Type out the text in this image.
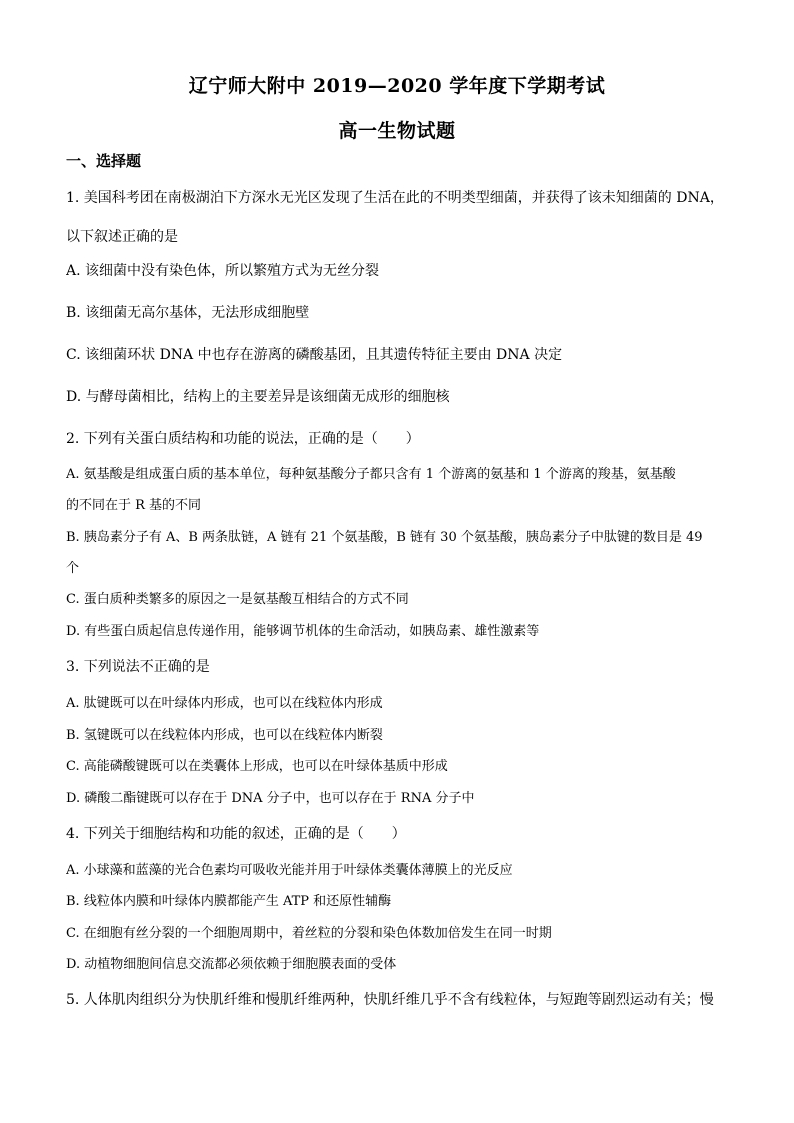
辽宁师大附中 2019—2020 学年度下学期考试
高一生物试题
一、选择题
1. 美国科考团在南极湖泊下方深水无光区发现了生活在此的不明类型细菌，并获得了该未知细菌的 DNA，
以下叙述正确的是
A. 该细菌中没有染色体，所以繁殖方式为无丝分裂
B. 该细菌无高尔基体，无法形成细胞壁
C. 该细菌环状 DNA 中也存在游离的磷酸基团，且其遗传特征主要由 DNA 决定
D. 与酵母菌相比，结构上的主要差异是该细菌无成形的细胞核
2. 下列有关蛋白质结构和功能的说法，正确的是（　　）
A. 氨基酸是组成蛋白质的基本单位，每种氨基酸分子都只含有 1 个游离的氨基和 1 个游离的羧基，氨基酸
的不同在于 R 基的不同
B. 胰岛素分子有 A、B 两条肽链，A 链有 21 个氨基酸，B 链有 30 个氨基酸，胰岛素分子中肽键的数目是 49
个
C. 蛋白质种类繁多的原因之一是氨基酸互相结合的方式不同
D. 有些蛋白质起信息传递作用，能够调节机体的生命活动，如胰岛素、雄性激素等
3. 下列说法不正确的是
A. 肽键既可以在叶绿体内形成，也可以在线粒体内形成
B. 氢键既可以在线粒体内形成，也可以在线粒体内断裂
C. 高能磷酸键既可以在类囊体上形成，也可以在叶绿体基质中形成
D. 磷酸二酯键既可以存在于 DNA 分子中，也可以存在于 RNA 分子中
4. 下列关于细胞结构和功能的叙述，正确的是（　　）
A. 小球藻和蓝藻的光合色素均可吸收光能并用于叶绿体类囊体薄膜上的光反应
B. 线粒体内膜和叶绿体内膜都能产生 ATP 和还原性辅酶
C. 在细胞有丝分裂的一个细胞周期中，着丝粒的分裂和染色体数加倍发生在同一时期
D. 动植物细胞间信息交流都必须依赖于细胞膜表面的受体
5. 人体肌肉组织分为快肌纤维和慢肌纤维两种，快肌纤维几乎不含有线粒体，与短跑等剧烈运动有关；慢
